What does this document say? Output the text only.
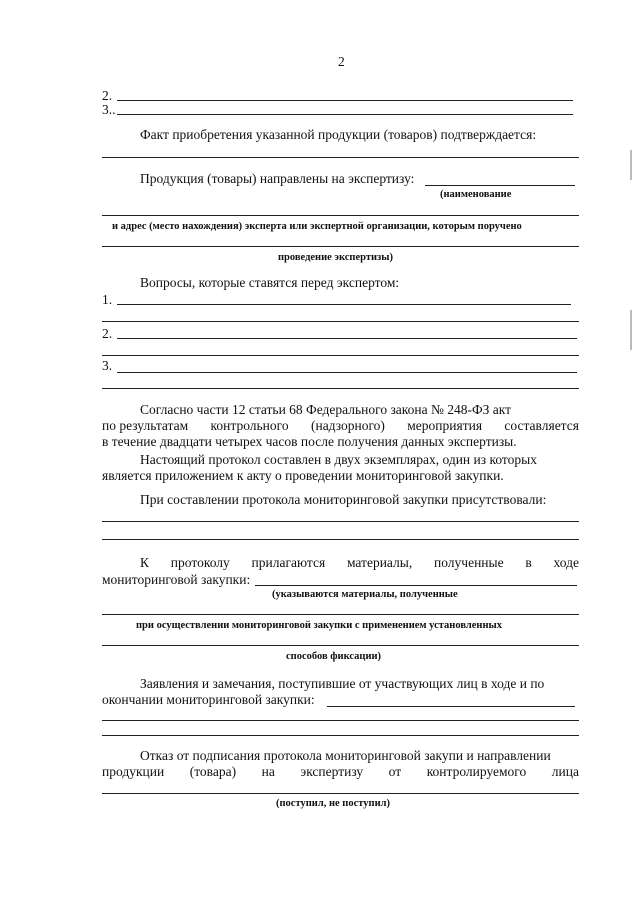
2
2.
3..
Факт приобретения указанной продукции (товаров) подтверждается:
Продукция (товары) направлены на экспертизу:
(наименование
и адрес (место нахождения) эксперта или экспертной организации, которым поручено
проведение экспертизы)
Вопросы, которые ставятся перед экспертом:
1.
2.
3.
Согласно части 12 статьи 68 Федерального закона № 248-ФЗ акт
по результатам контрольного (надзорного) мероприятия составляется
в течение двадцати четырех часов после получения данных экспертизы.
Настоящий протокол составлен в двух экземплярах, один из которых
является приложением к акту о проведении мониторинговой закупки.
При составлении протокола мониторинговой закупки присутствовали:
К протоколу прилагаются материалы, полученные в ходе
мониторинговой закупки:
(указываются материалы, полученные
при осуществлении мониторинговой закупки с применением установленных
способов фиксации)
Заявления и замечания, поступившие от участвующих лиц в ходе и по
окончании мониторинговой закупки:
Отказ от подписания протокола мониторинговой закупи и направлении
продукции (товара) на экспертизу от контролируемого лица
(поступил, не поступил)
